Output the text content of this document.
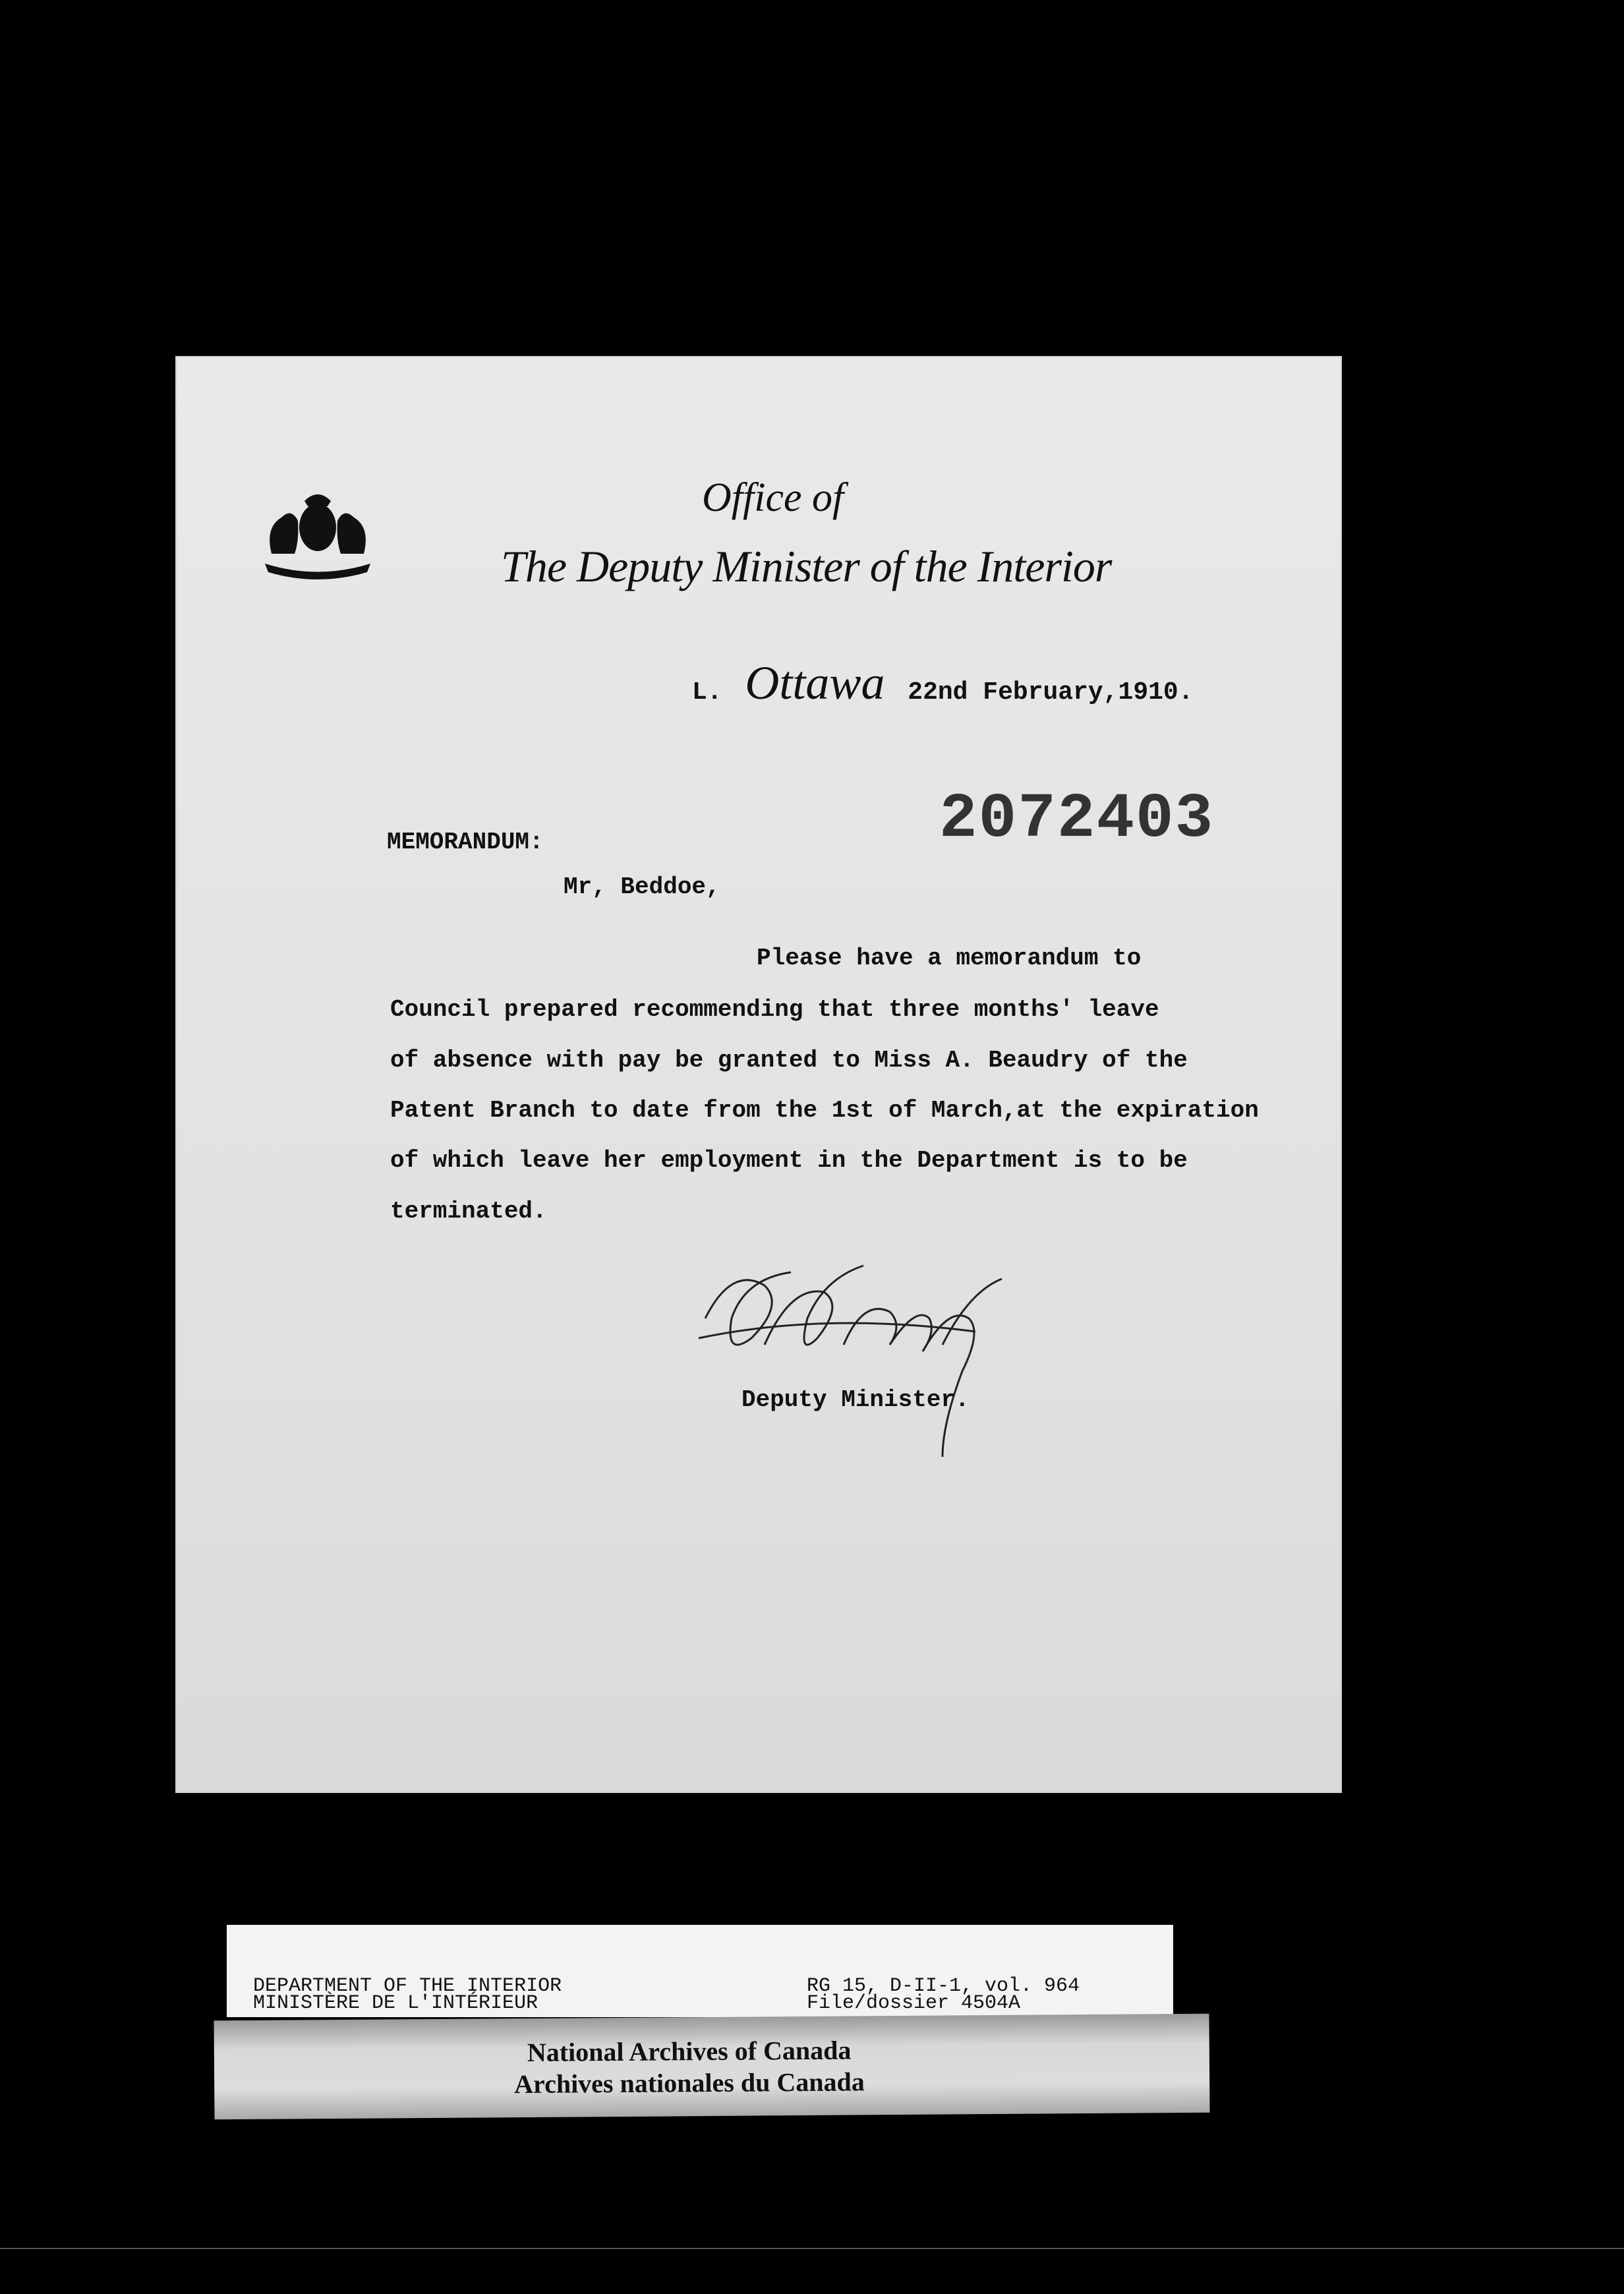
Office of
The Deputy Minister of the Interior
L. Ottawa 22nd February,1910.
2072403
MEMORANDUM:
Mr, Beddoe,
Please have a memorandum to
Council prepared recommending that three months' leave
of absence with pay be granted to Miss A. Beaudry of the
Patent Branch to date from the 1st of March,at the expiration
of which leave her employment in the Department is to be
terminated.
Deputy Minister.
DEPARTMENT OF THE INTERIOR
MINISTÈRE DE L'INTÉRIEUR
RG 15, D-II-1, vol. 964
File/dossier 4504A
National Archives of Canada
Archives nationales du Canada
